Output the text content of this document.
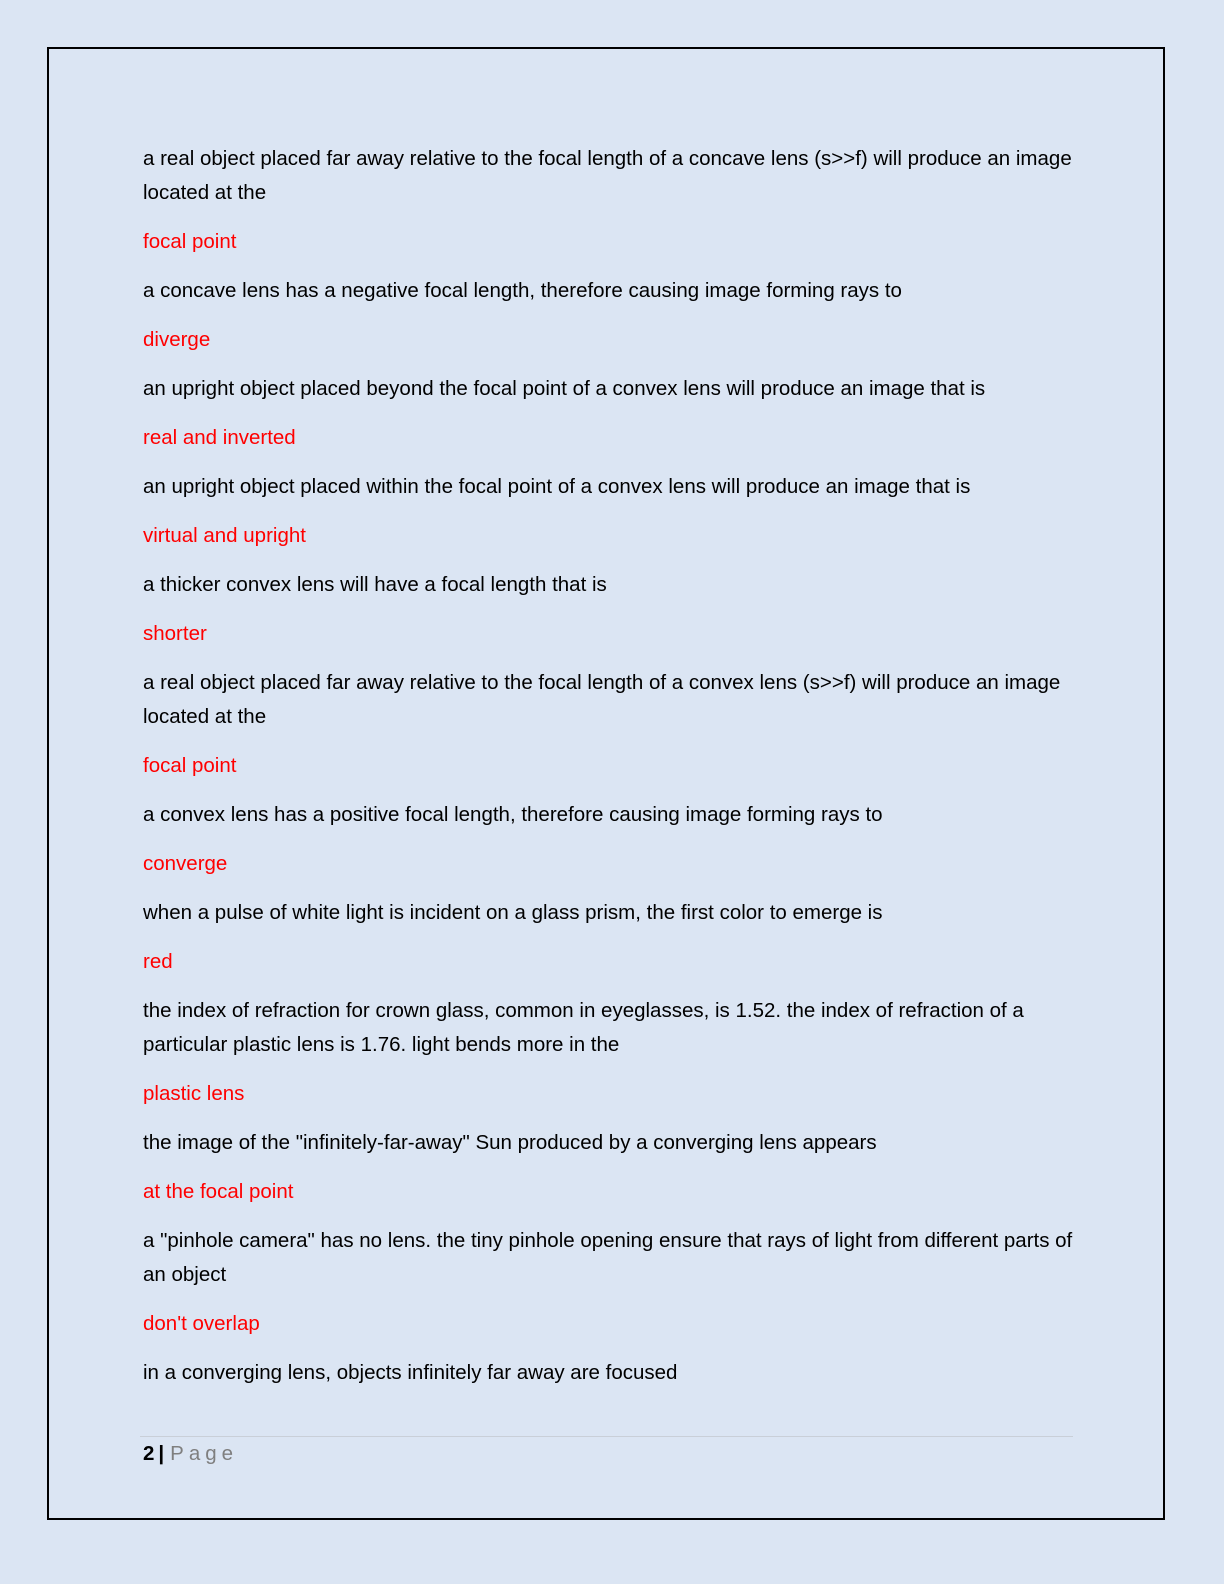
a real object placed far away relative to the focal length of a concave lens (s>>f) will produce an image located at the

focal point

a concave lens has a negative focal length, therefore causing image forming rays to

diverge

an upright object placed beyond the focal point of a convex lens will produce an image that is

real and inverted

an upright object placed within the focal point of a convex lens will produce an image that is

virtual and upright

a thicker convex lens will have a focal length that is

shorter

a real object placed far away relative to the focal length of a convex lens (s>>f) will produce an image located at the

focal point

a convex lens has a positive focal length, therefore causing image forming rays to

converge

when a pulse of white light is incident on a glass prism, the first color to emerge is

red

the index of refraction for crown glass, common in eyeglasses, is 1.52. the index of refraction of a particular plastic lens is 1.76. light bends more in the

plastic lens

the image of the "infinitely-far-away" Sun produced by a converging lens appears

at the focal point

a "pinhole camera" has no lens. the tiny pinhole opening ensure that rays of light from different parts of an object

don't overlap

in a converging lens, objects infinitely far away are focused

2 | Page
